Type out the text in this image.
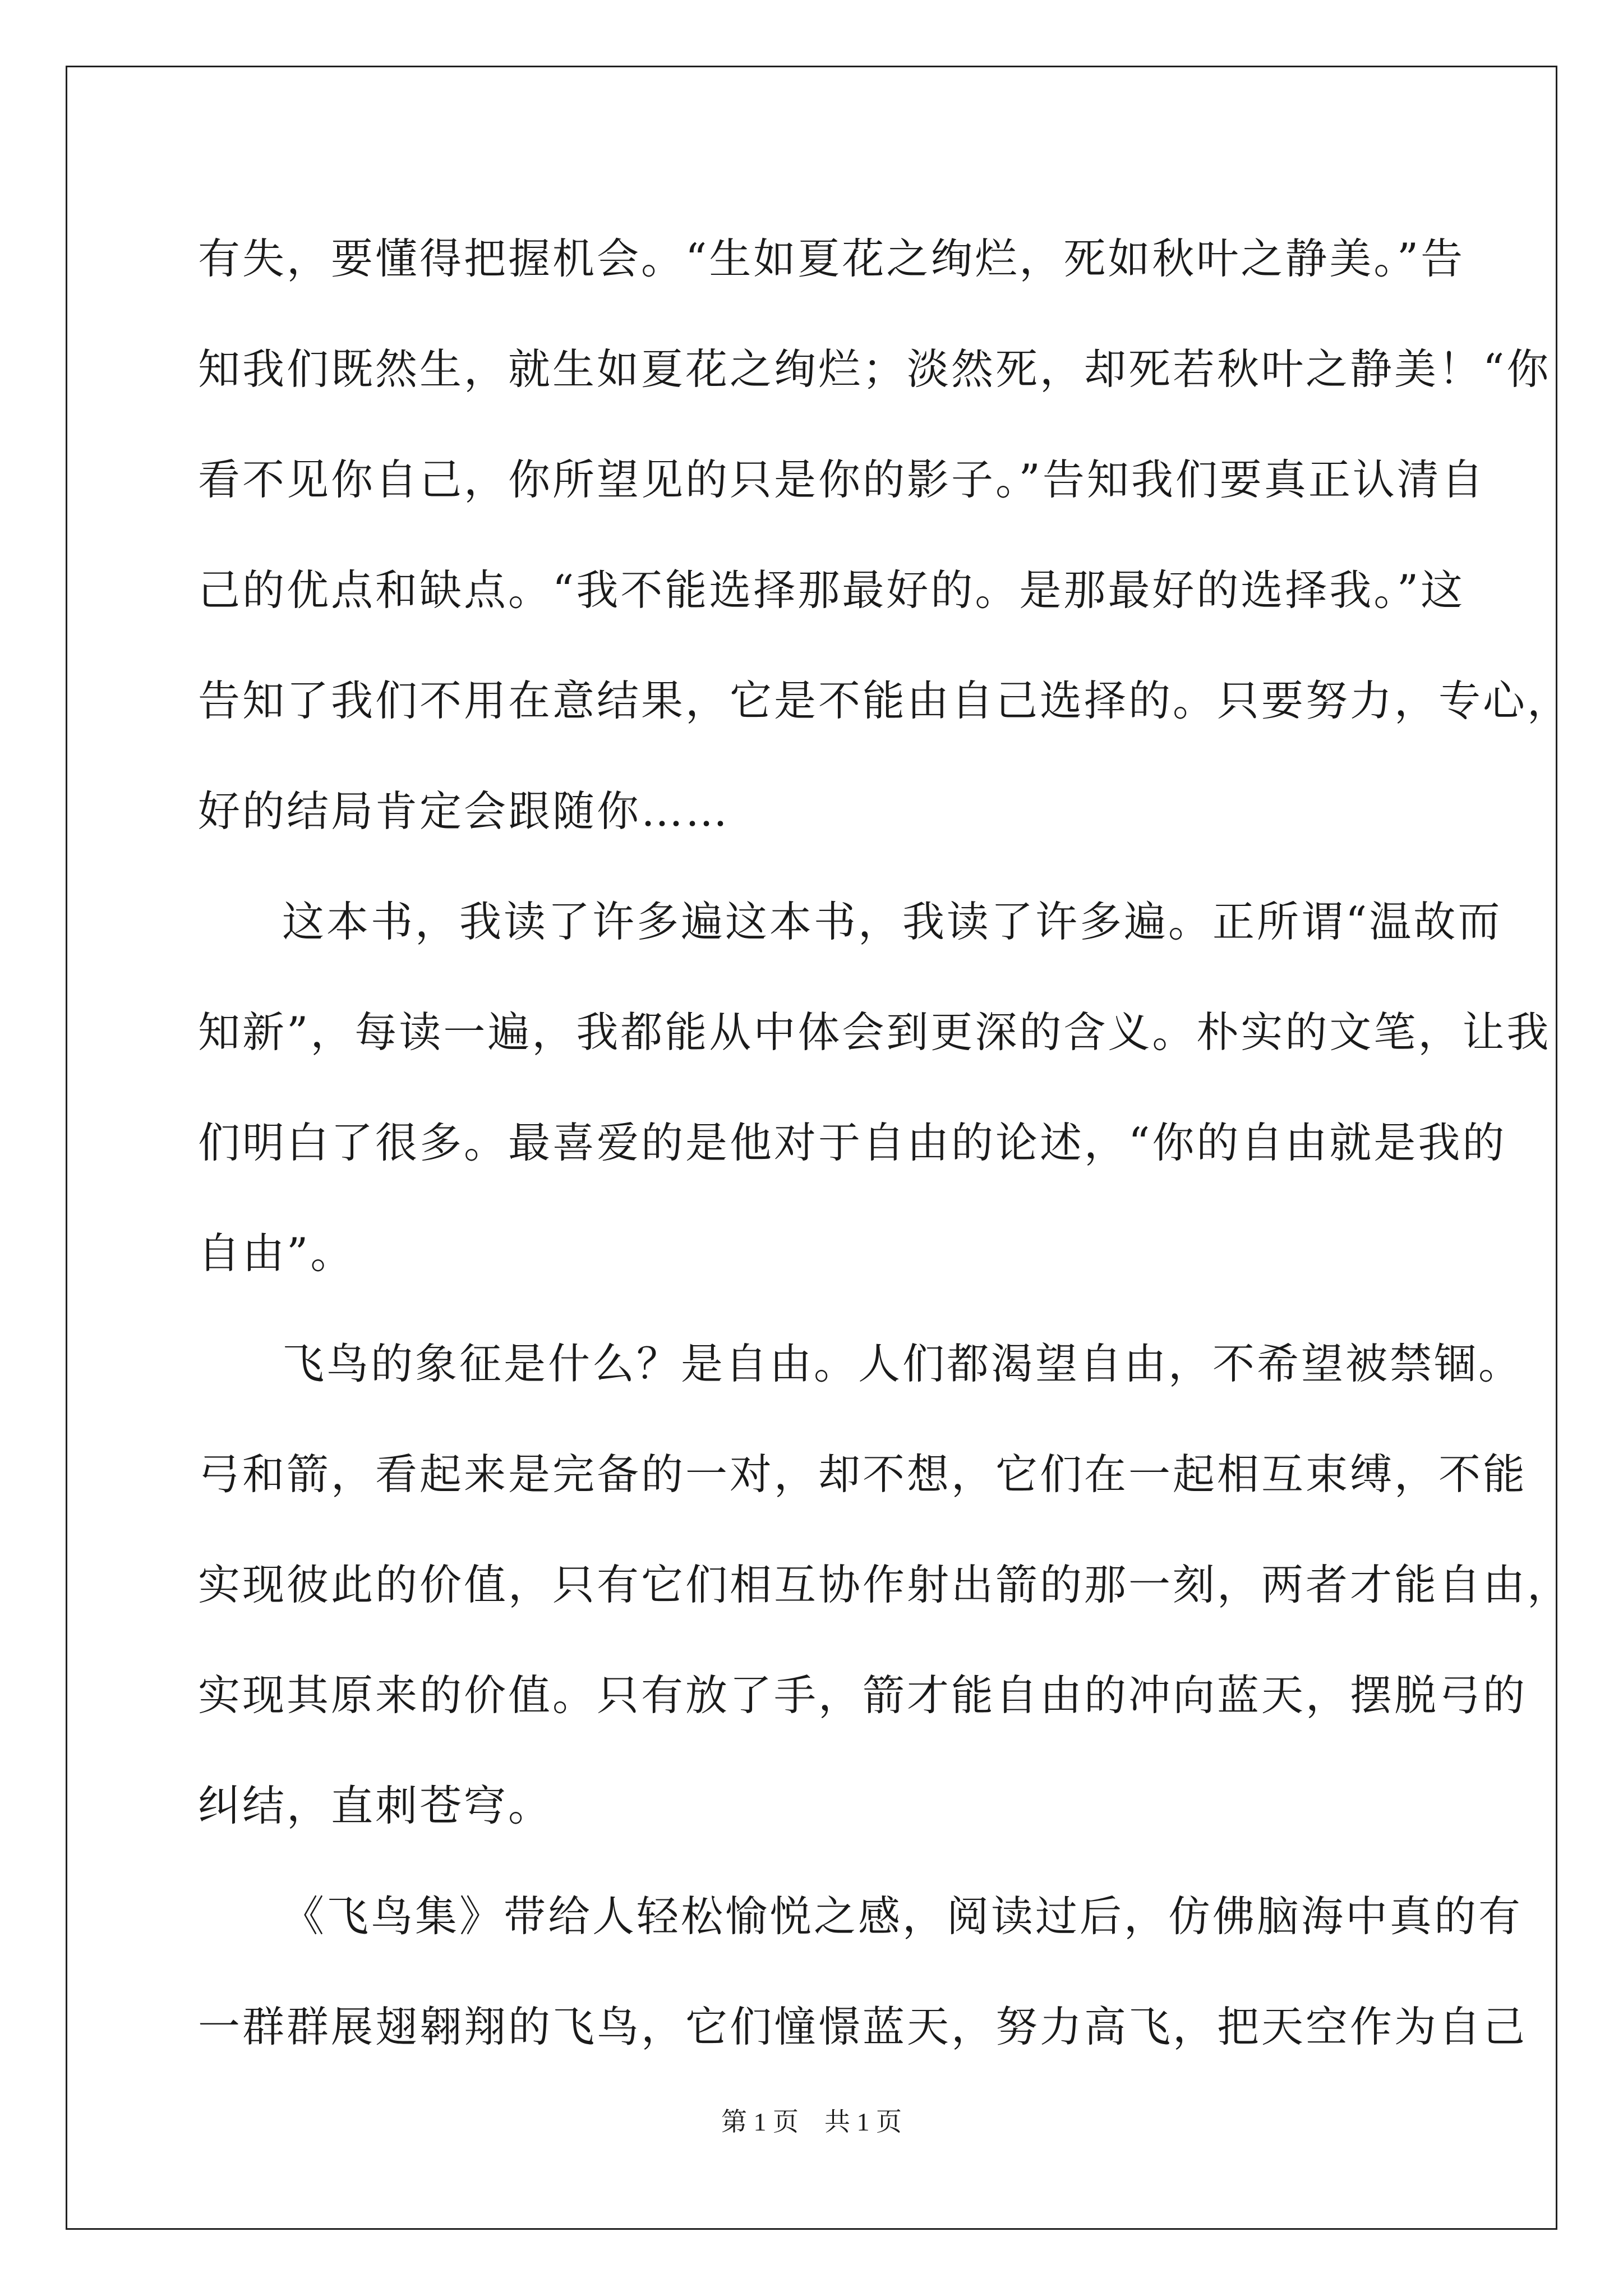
有失，要懂得把握机会。“生如夏花之绚烂，死如秋叶之静美。”告
知我们既然生，就生如夏花之绚烂；淡然死，却死若秋叶之静美！“你
看不见你自己，你所望见的只是你的影子。”告知我们要真正认清自
己的优点和缺点。“我不能选择那最好的。是那最好的选择我。”这
告知了我们不用在意结果，它是不能由自己选择的。只要努力，专心，
好的结局肯定会跟随你……
这本书，我读了许多遍这本书，我读了许多遍。正所谓“温故而
知新”，每读一遍，我都能从中体会到更深的含义。朴实的文笔，让我
们明白了很多。最喜爱的是他对于自由的论述，“你的自由就是我的
自由”。
飞鸟的象征是什么？是自由。人们都渴望自由，不希望被禁锢。
弓和箭，看起来是完备的一对，却不想，它们在一起相互束缚，不能
实现彼此的价值，只有它们相互协作射出箭的那一刻，两者才能自由，
实现其原来的价值。只有放了手，箭才能自由的冲向蓝天，摆脱弓的
纠结，直刺苍穹。
《飞鸟集》带给人轻松愉悦之感，阅读过后，仿佛脑海中真的有
一群群展翅翱翔的飞鸟，它们憧憬蓝天，努力高飞，把天空作为自己
第 1 页　共 1 页
